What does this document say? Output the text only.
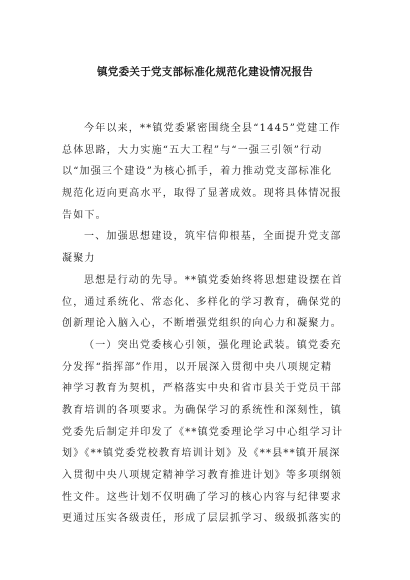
镇党委关于党支部标准化规范化建设情况报告

今年以来，**镇党委紧密围绕全县“1445”党建工作
总体思路，大力实施“五大工程”与“一强三引领”行动
以“加强三个建设”为核心抓手，着力推动党支部标准化
规范化迈向更高水平，取得了显著成效。现将具体情况报
告如下。

一、加强思想建设，筑牢信仰根基，全面提升党支部
凝聚力

思想是行动的先导。**镇党委始终将思想建设摆在首
位，通过系统化、常态化、多样化的学习教育，确保党的
创新理论入脑入心，不断增强党组织的向心力和凝聚力。

（一）突出党委核心引领，强化理论武装。镇党委充
分发挥“指挥部”作用，以开展深入贯彻中央八项规定精
神学习教育为契机，严格落实中央和省市县关于党员干部
教育培训的各项要求。为确保学习的系统性和深刻性，镇
党委先后制定并印发了《**镇党委理论学习中心组学习计
划》《**镇党委党校教育培训计划》及《**县**镇开展深
入贯彻中央八项规定精神学习教育推进计划》等多项纲领
性文件。这些计划不仅明确了学习的核心内容与纪律要求
更通过压实各级责任，形成了层层抓学习、级级抓落实的
